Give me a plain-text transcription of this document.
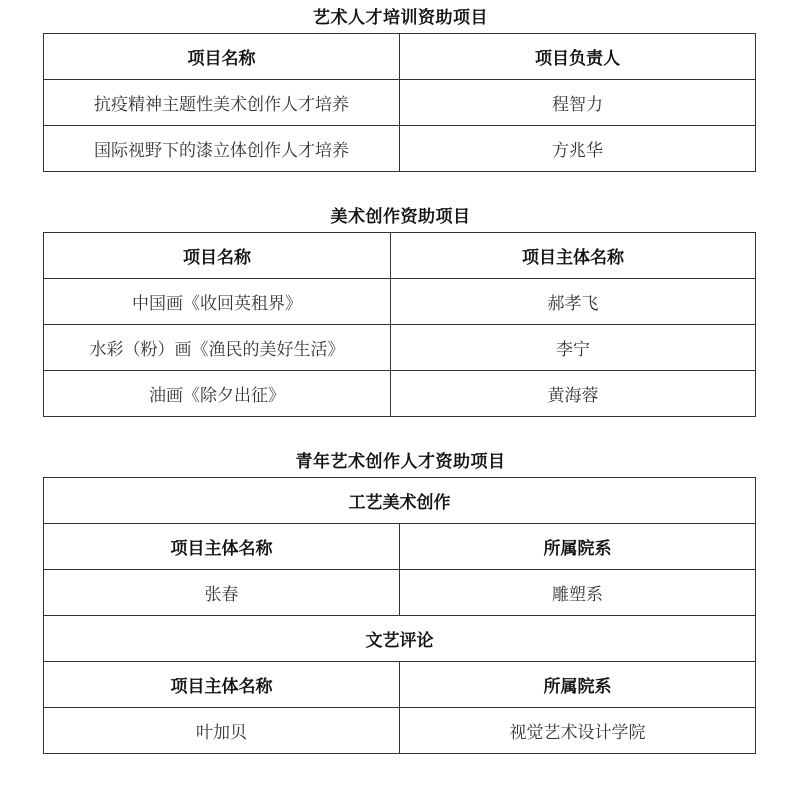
艺术人才培训资助项目
项目名称	项目负责人
抗疫精神主题性美术创作人才培养	程智力
国际视野下的漆立体创作人才培养	方兆华
美术创作资助项目
项目名称	项目主体名称
中国画《收回英租界》	郝孝飞
水彩（粉）画《渔民的美好生活》	李宁
油画《除夕出征》	黄海蓉
青年艺术创作人才资助项目
工艺美术创作	
项目主体名称	所属院系
张春	雕塑系
文艺评论	
项目主体名称	所属院系
叶加贝	视觉艺术设计学院
